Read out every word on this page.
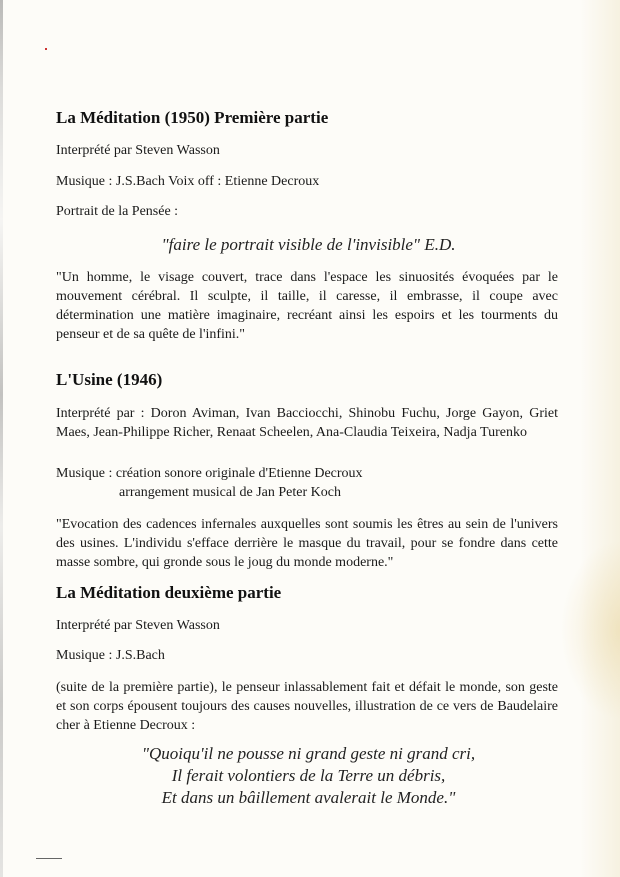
La Méditation (1950) Première partie
Interprété par Steven Wasson
Musique : J.S.Bach Voix off : Etienne Decroux
Portrait de la Pensée :
"faire le portrait visible de l'invisible" E.D.
"Un homme, le visage couvert, trace dans l'espace les sinuosités évoquées par le mouvement cérébral. Il sculpte, il taille, il caresse, il embrasse, il coupe avec détermination une matière imaginaire, recréant ainsi les espoirs et les tourments du penseur et de sa quête de l'infini."
L'Usine (1946)
Interprété par : Doron Aviman, Ivan Bacciocchi, Shinobu Fuchu, Jorge Gayon, Griet Maes, Jean-Philippe Richer, Renaat Scheelen, Ana-Claudia Teixeira, Nadja Turenko
Musique : création sonore originale d'Etienne Decroux
arrangement musical de Jan Peter Koch
"Evocation des cadences infernales auxquelles sont soumis les êtres au sein de l'univers des usines. L'individu s'efface derrière le masque du travail, pour se fondre dans cette masse sombre, qui gronde sous le joug du monde moderne."
La Méditation deuxième partie
Interprété par Steven Wasson
Musique : J.S.Bach
(suite de la première partie), le penseur inlassablement fait et défait le monde, son geste et son corps épousent toujours des causes nouvelles, illustration de ce vers de Baudelaire cher à Etienne Decroux :
"Quoiqu'il ne pousse ni grand geste ni grand cri,
Il ferait volontiers de la Terre un débris,
Et dans un bâillement avalerait le Monde."
